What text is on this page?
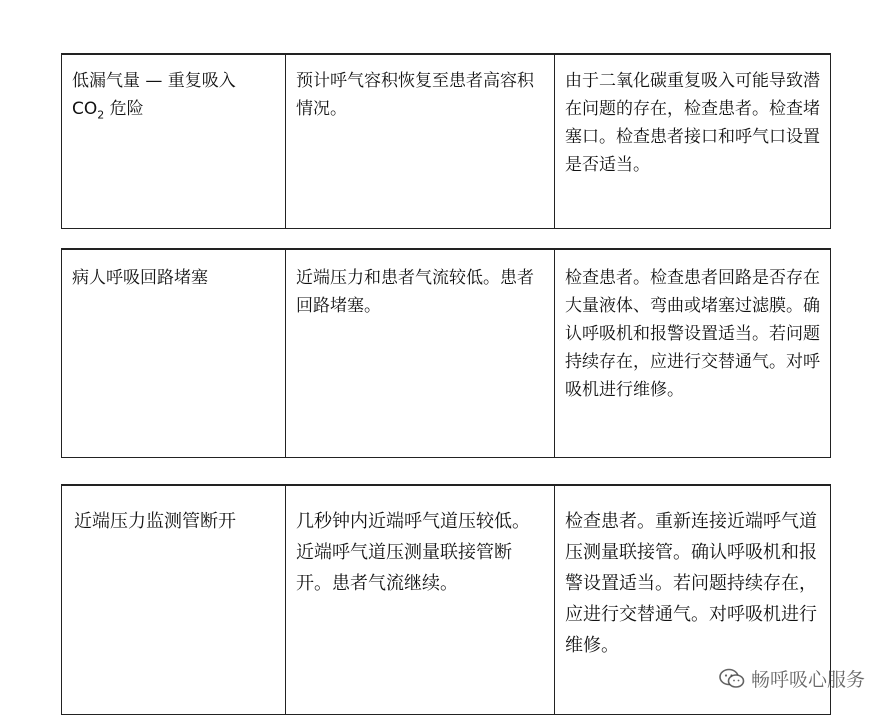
低漏气量 — 重复吸入
$CO_2$ 危险
预计呼气容积恢复至患者高容积情况。
由于二氧化碳重复吸入可能导致潜在问题的存在，检查患者。检查堵塞口。检查患者接口和呼气口设置是否适当。
病人呼吸回路堵塞	近端压力和患者气流较低。患者回路堵塞。
检查患者。检查患者回路是否存在大量液体、弯曲或堵塞过滤膜。确认呼吸机和报警设置适当。若问题持续存在，应进行交替通气。对呼吸机进行维修。
近端压力监测管断开	几秒钟内近端呼气道压较低。近端呼气道压测量联接管断开。患者气流继续。
检查患者。重新连接近端呼气道压测量联接管。确认呼吸机和报警设置适当。若问题持续存在，应进行交替通气。对呼吸机进行维修。
畅呼吸心服务
